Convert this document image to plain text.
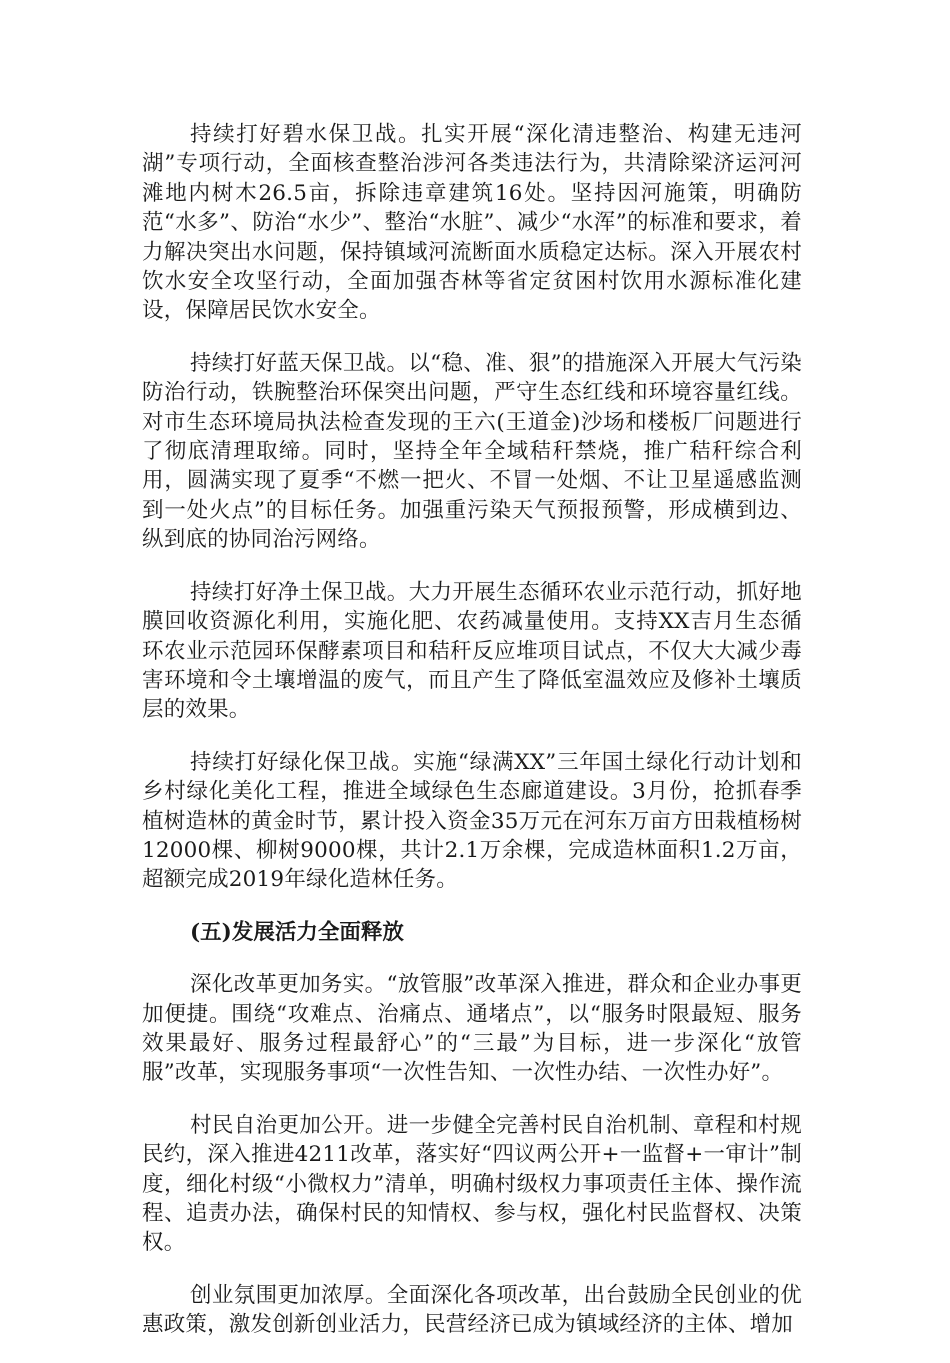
持续打好碧水保卫战。扎实开展“深化清违整治、构建无违河湖”专项行动，全面核查整治涉河各类违法行为，共清除梁济运河河滩地内树木26.5亩，拆除违章建筑16处。坚持因河施策，明确防范“水多”、防治“水少”、整治“水脏”、减少“水浑”的标准和要求，着力解决突出水问题，保持镇域河流断面水质稳定达标。深入开展农村饮水安全攻坚行动，全面加强杏林等省定贫困村饮用水源标准化建设，保障居民饮水安全。

持续打好蓝天保卫战。以“稳、准、狠”的措施深入开展大气污染防治行动，铁腕整治环保突出问题，严守生态红线和环境容量红线。对市生态环境局执法检查发现的王六(王道金)沙场和楼板厂问题进行了彻底清理取缔。同时，坚持全年全域秸秆禁烧，推广秸秆综合利用，圆满实现了夏季“不燃一把火、不冒一处烟、不让卫星遥感监测到一处火点”的目标任务。加强重污染天气预报预警，形成横到边、纵到底的协同治污网络。

持续打好净土保卫战。大力开展生态循环农业示范行动，抓好地膜回收资源化利用，实施化肥、农药减量使用。支持XX吉月生态循环农业示范园环保酵素项目和秸秆反应堆项目试点，不仅大大减少毒害环境和令土壤增温的废气，而且产生了降低室温效应及修补土壤质层的效果。

持续打好绿化保卫战。实施“绿满XX”三年国土绿化行动计划和乡村绿化美化工程，推进全域绿色生态廊道建设。3月份，抢抓春季植树造林的黄金时节，累计投入资金35万元在河东万亩方田栽植杨树12000棵、柳树9000棵，共计2.1万余棵，完成造林面积1.2万亩，超额完成2019年绿化造林任务。

(五)发展活力全面释放

深化改革更加务实。“放管服”改革深入推进，群众和企业办事更加便捷。围绕“攻难点、治痛点、通堵点”，以“服务时限最短、服务效果最好、服务过程最舒心”的“三最”为目标，进一步深化“放管服”改革，实现服务事项“一次性告知、一次性办结、一次性办好”。

村民自治更加公开。进一步健全完善村民自治机制、章程和村规民约，深入推进4211改革，落实好“四议两公开+一监督+一审计”制度，细化村级“小微权力”清单，明确村级权力事项责任主体、操作流程、追责办法，确保村民的知情权、参与权，强化村民监督权、决策权。

创业氛围更加浓厚。全面深化各项改革，出台鼓励全民创业的优惠政策，激发创新创业活力，民营经济已成为镇域经济的主体、增加
